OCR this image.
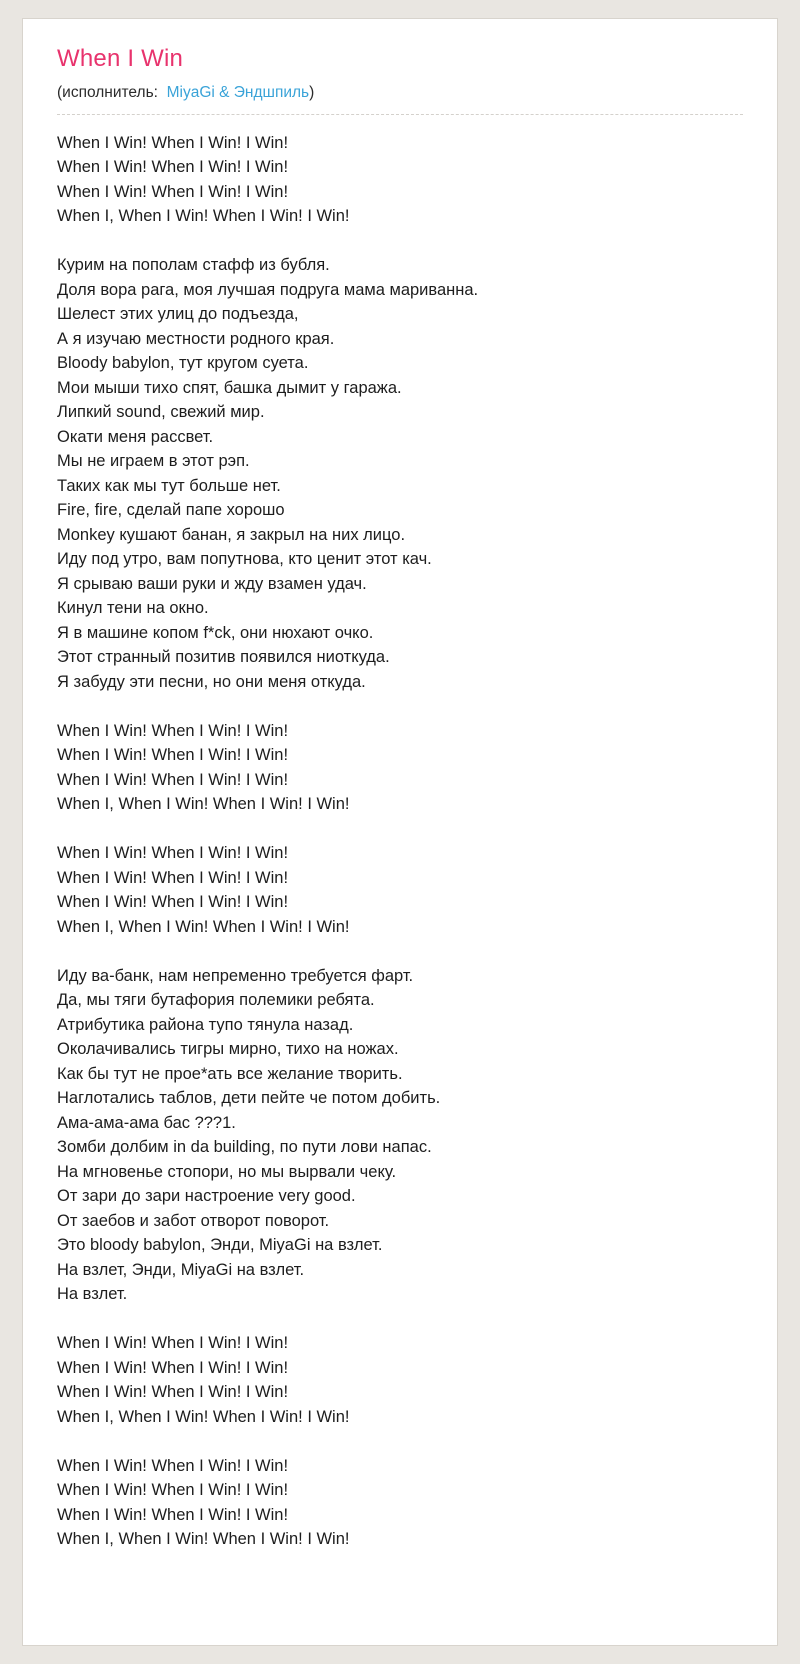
When I Win
(исполнитель: MiyaGi & Эндшпиль)

When I Win! When I Win! I Win!
When I Win! When I Win! I Win!
When I Win! When I Win! I Win!
When I, When I Win! When I Win! I Win!

Курим на пополам стафф из бубля.
Доля вора рага, моя лучшая подруга мама мариванна.
Шелест этих улиц до подъезда,
А я изучаю местности родного края.
Bloody babylon, тут кругом суета.
Мои мыши тихо спят, башка дымит у гаража.
Липкий sound, свежий мир.
Окати меня рассвет.
Мы не играем в этот рэп.
Таких как мы тут больше нет.
Fire, fire, сделай папе хорошо
Monkey кушают банан, я закрыл на них лицо.
Иду под утро, вам попутнова, кто ценит этот кач.
Я срываю ваши руки и жду взамен удач.
Кинул тени на окно.
Я в машине копом f*ck, они нюхают очко.
Этот странный позитив появился ниоткуда.
Я забуду эти песни, но они меня откуда.

When I Win! When I Win! I Win!
When I Win! When I Win! I Win!
When I Win! When I Win! I Win!
When I, When I Win! When I Win! I Win!

When I Win! When I Win! I Win!
When I Win! When I Win! I Win!
When I Win! When I Win! I Win!
When I, When I Win! When I Win! I Win!

Иду ва-банк, нам непременно требуется фарт.
Да, мы тяги бутафория полемики ребята.
Атрибутика района тупо тянула назад.
Околачивались тигры мирно, тихо на ножах.
Как бы тут не прое*ать все желание творить.
Наглотались таблов, дети пейте че потом добить.
Ама-ама-ама бас ???1.
Зомби долбим in da building, по пути лови напас.
На мгновенье стопори, но мы вырвали чеку.
От зари до зари настроение very good.
От заебов и забот отворот поворот.
Это bloody babylon, Энди, MiyaGi на взлет.
На взлет, Энди, MiyaGi на взлет.
На взлет.

When I Win! When I Win! I Win!
When I Win! When I Win! I Win!
When I Win! When I Win! I Win!
When I, When I Win! When I Win! I Win!

When I Win! When I Win! I Win!
When I Win! When I Win! I Win!
When I Win! When I Win! I Win!
When I, When I Win! When I Win! I Win!
